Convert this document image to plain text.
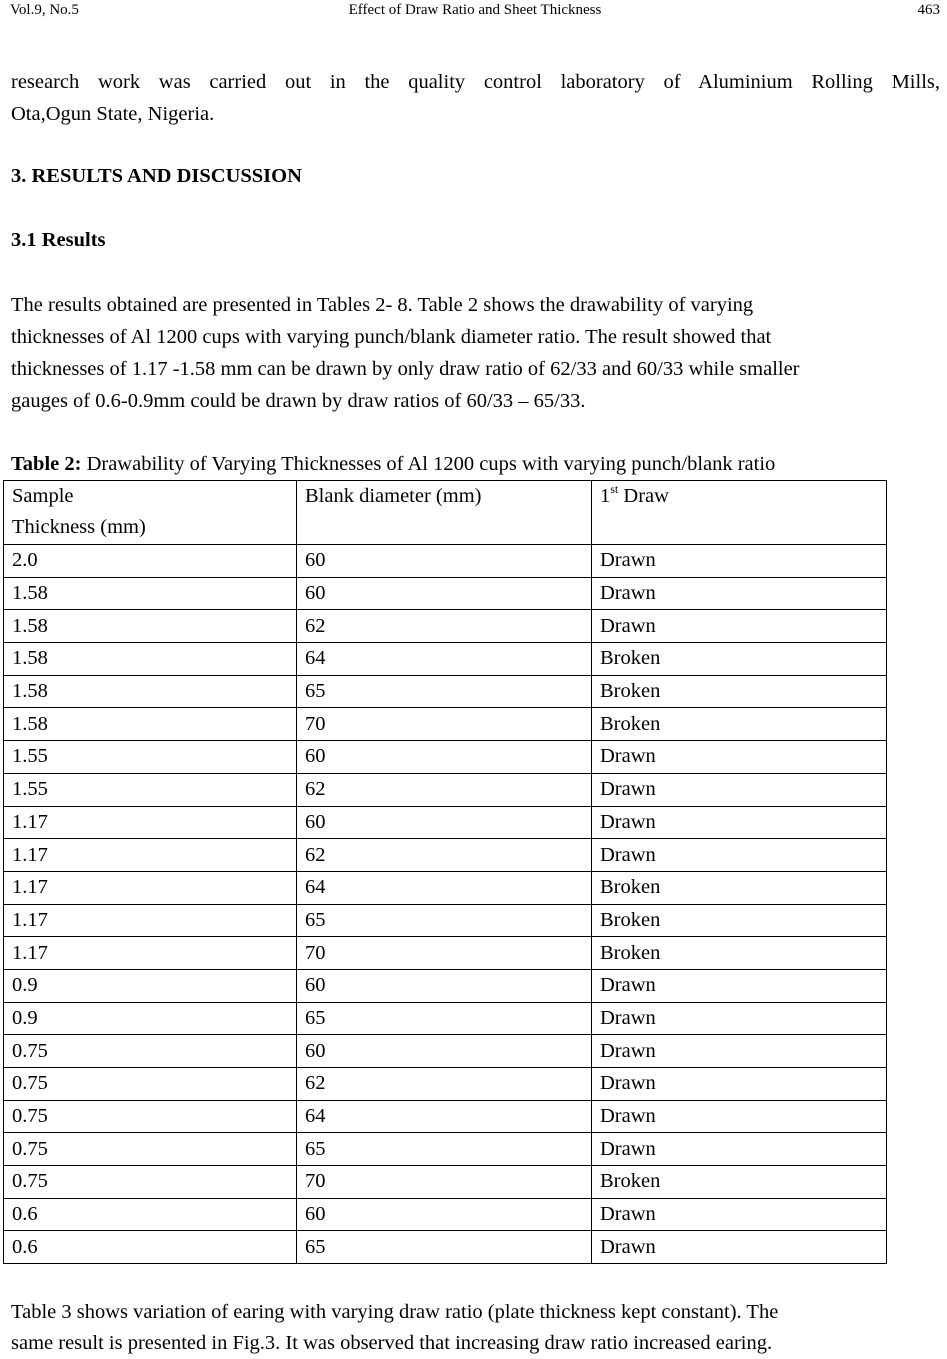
Vol.9, No.5	Effect of Draw Ratio and Sheet Thickness	463
research work was carried out in the quality control laboratory of Aluminium Rolling Mills,
Ota,Ogun State, Nigeria.
3. RESULTS AND DISCUSSION
3.1 Results
The results obtained are presented in Tables 2- 8. Table 2 shows the drawability of varying
thicknesses of Al 1200 cups with varying punch/blank diameter ratio. The result showed that
thicknesses of 1.17 -1.58 mm can be drawn by only draw ratio of 62/33 and 60/33 while smaller
gauges of 0.6-0.9mm could be drawn by draw ratios of 60/33 – 65/33.
Table 2: Drawability of Varying Thicknesses of Al 1200 cups with varying punch/blank ratio
Sample
Thickness (mm)	Blank diameter (mm)	1st Draw
2.0	60	Drawn
1.58	60	Drawn
1.58	62	Drawn
1.58	64	Broken
1.58	65	Broken
1.58	70	Broken
1.55	60	Drawn
1.55	62	Drawn
1.17	60	Drawn
1.17	62	Drawn
1.17	64	Broken
1.17	65	Broken
1.17	70	Broken
0.9	60	Drawn
0.9	65	Drawn
0.75	60	Drawn
0.75	62	Drawn
0.75	64	Drawn
0.75	65	Drawn
0.75	70	Broken
0.6	60	Drawn
0.6	65	Drawn
Table 3 shows variation of earing with varying draw ratio (plate thickness kept constant). The
same result is presented in Fig.3. It was observed that increasing draw ratio increased earing.
